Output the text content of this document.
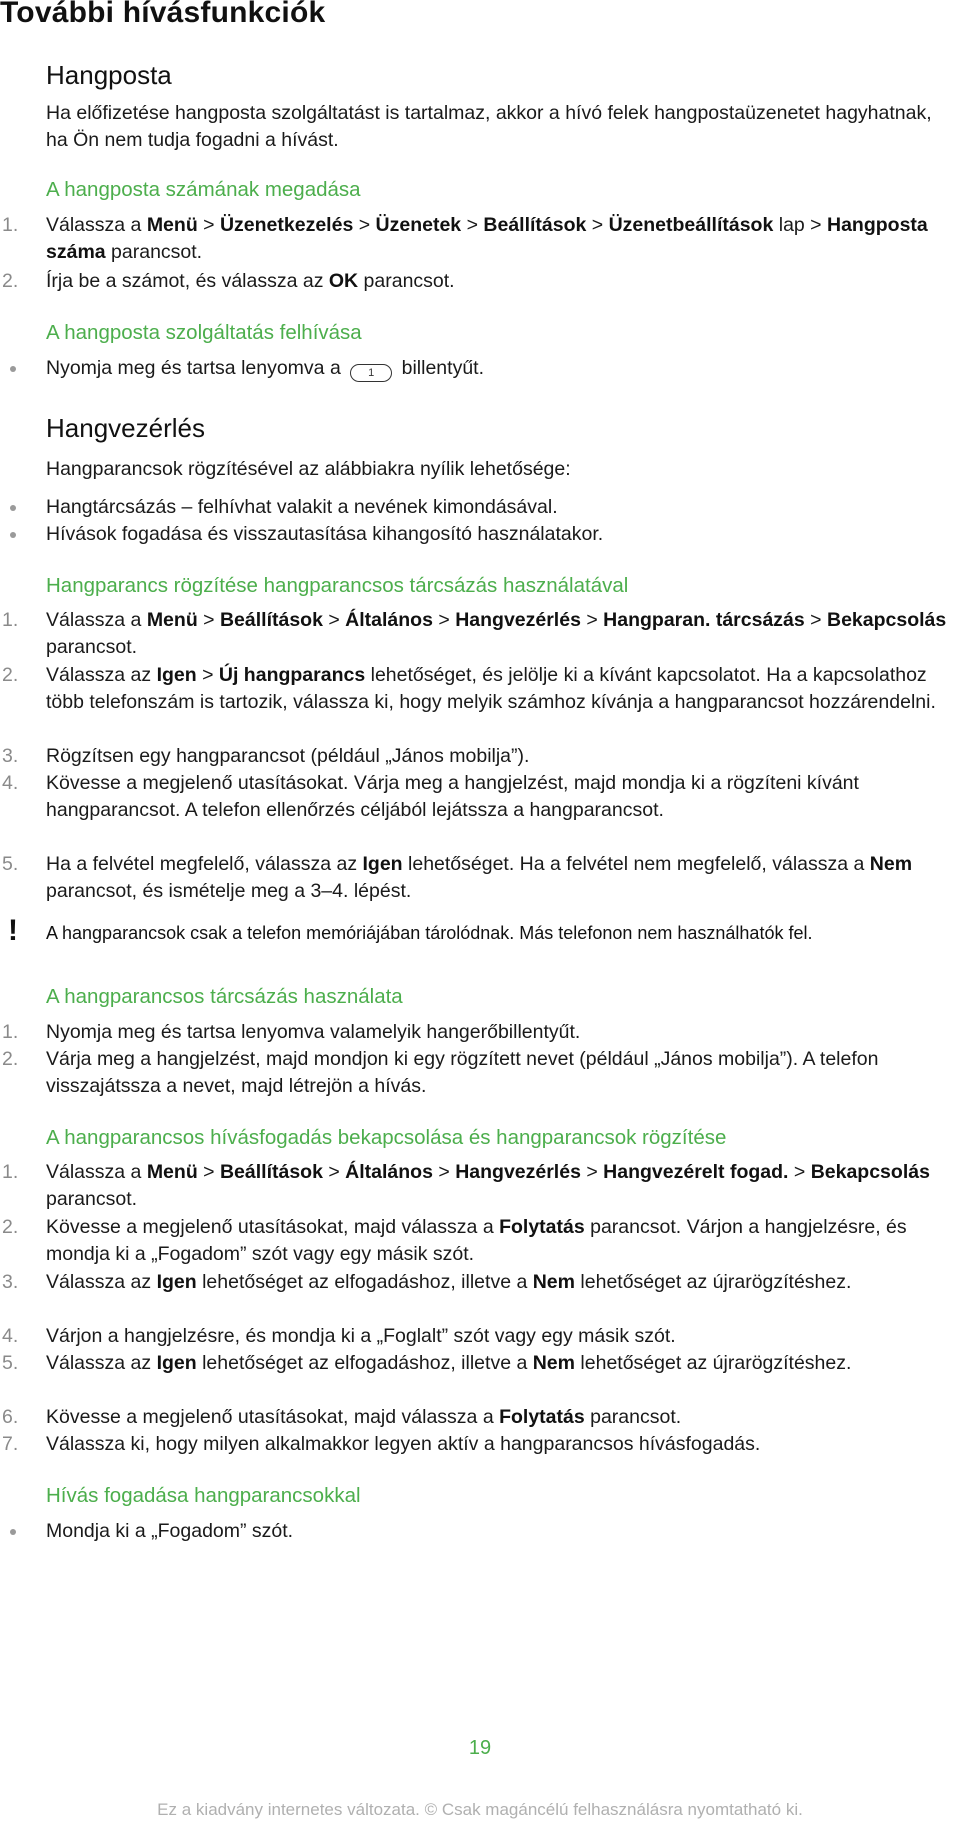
További hívásfunkciók
Hangposta

Ha előfizetése hangposta szolgáltatást is tartalmaz, akkor a hívó felek hangpostaüzenetet hagyhatnak, ha Ön nem tudja fogadni a hívást.

A hangposta számának megadása

1.	Válassza a Menü > Üzenetkezelés > Üzenetek > Beállítások > Üzenetbeállítások lap > Hangposta száma parancsot.

2.	Írja be a számot, és válassza az OK parancsot.

A hangposta szolgáltatás felhívása

Nyomja meg és tartsa lenyomva a 1 billentyűt.

Hangvezérlés

Hangparancsok rögzítésével az alábbiakra nyílik lehetősége:

Hangtárcsázás – felhívhat valakit a nevének kimondásával.

Hívások fogadása és visszautasítása kihangosító használatakor.

Hangparancs rögzítése hangparancsos tárcsázás használatával

1.	Válassza a Menü > Beállítások > Általános > Hangvezérlés > Hangparan. tárcsázás > Bekapcsolás parancsot.

2.	Válassza az Igen > Új hangparancs lehetőséget, és jelölje ki a kívánt kapcsolatot. Ha a kapcsolathoz több telefonszám is tartozik, válassza ki, hogy melyik számhoz kívánja a hangparancsot hozzárendelni.

3.	Rögzítsen egy hangparancsot (például „János mobilja”).

4.	Kövesse a megjelenő utasításokat. Várja meg a hangjelzést, majd mondja ki a rögzíteni kívánt hangparancsot. A telefon ellenőrzés céljából lejátssza a hangparancsot.

5.	Ha a felvétel megfelelő, válassza az Igen lehetőséget. Ha a felvétel nem megfelelő, válassza a Nem parancsot, és ismételje meg a 3–4. lépést.

! A hangparancsok csak a telefon memóriájában tárolódnak. Más telefonon nem használhatók fel.

A hangparancsos tárcsázás használata

1.	Nyomja meg és tartsa lenyomva valamelyik hangerőbillentyűt.

2.	Várja meg a hangjelzést, majd mondjon ki egy rögzített nevet (például „János mobilja”). A telefon visszajátssza a nevet, majd létrejön a hívás.

A hangparancsos hívásfogadás bekapcsolása és hangparancsok rögzítése

1.	Válassza a Menü > Beállítások > Általános > Hangvezérlés > Hangvezérelt fogad. > Bekapcsolás parancsot.

2.	Kövesse a megjelenő utasításokat, majd válassza a Folytatás parancsot. Várjon a hangjelzésre, és mondja ki a „Fogadom” szót vagy egy másik szót.

3.	Válassza az Igen lehetőséget az elfogadáshoz, illetve a Nem lehetőséget az újrarögzítéshez.

4.	Várjon a hangjelzésre, és mondja ki a „Foglalt” szót vagy egy másik szót.

5.	Válassza az Igen lehetőséget az elfogadáshoz, illetve a Nem lehetőséget az újrarögzítéshez.

6.	Kövesse a megjelenő utasításokat, majd válassza a Folytatás parancsot.

7.	Válassza ki, hogy milyen alkalmakkor legyen aktív a hangparancsos hívásfogadás.

Hívás fogadása hangparancsokkal

Mondja ki a „Fogadom” szót.

19
Ez a kiadvány internetes változata. © Csak magáncélú felhasználásra nyomtatható ki.
